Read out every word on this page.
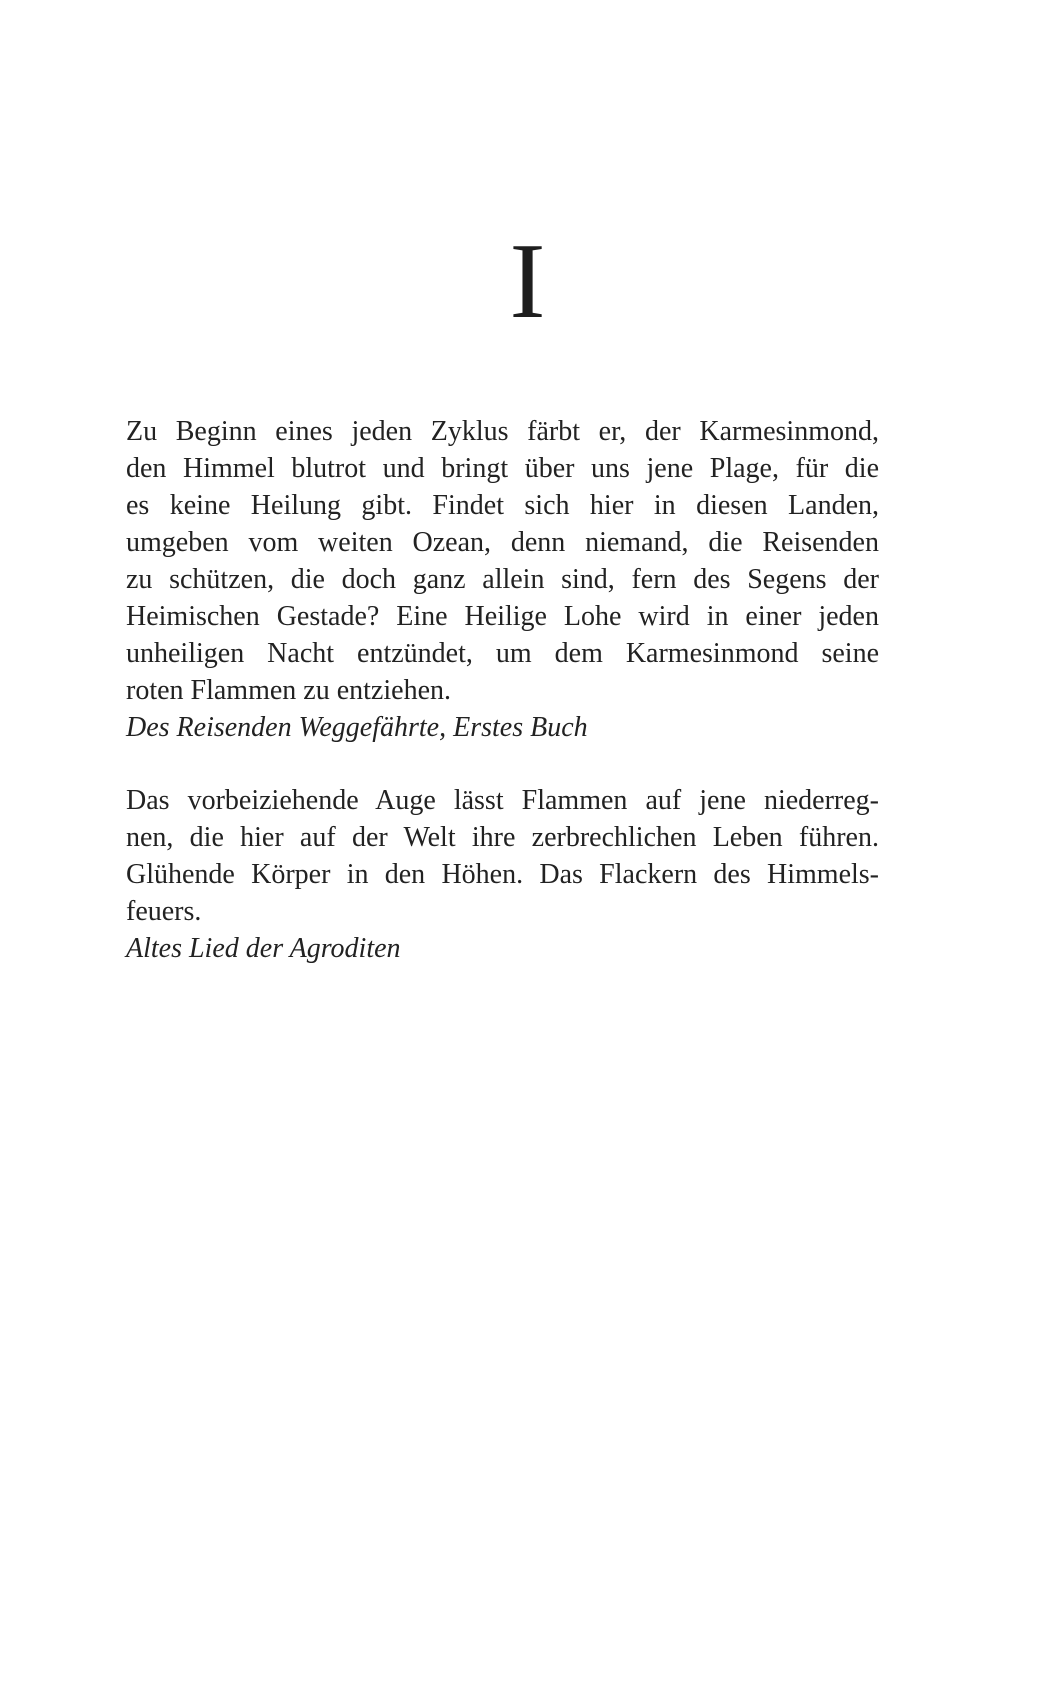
I

Zu Beginn eines jeden Zyklus färbt er, der Karmesinmond,
den Himmel blutrot und bringt über uns jene Plage, für die
es keine Heilung gibt. Findet sich hier in diesen Landen,
umgeben vom weiten Ozean, denn niemand, die Reisenden
zu schützen, die doch ganz allein sind, fern des Segens der
Heimischen Gestade? Eine Heilige Lohe wird in einer jeden
unheiligen Nacht entzündet, um dem Karmesinmond seine
roten Flammen zu entziehen.

Des Reisenden Weggefährte, Erstes Buch

Das vorbeiziehende Auge lässt Flammen auf jene niederreg-
nen, die hier auf der Welt ihre zerbrechlichen Leben führen.
Glühende Körper in den Höhen. Das Flackern des Himmels-
feuers.

Altes Lied der Agroditen
